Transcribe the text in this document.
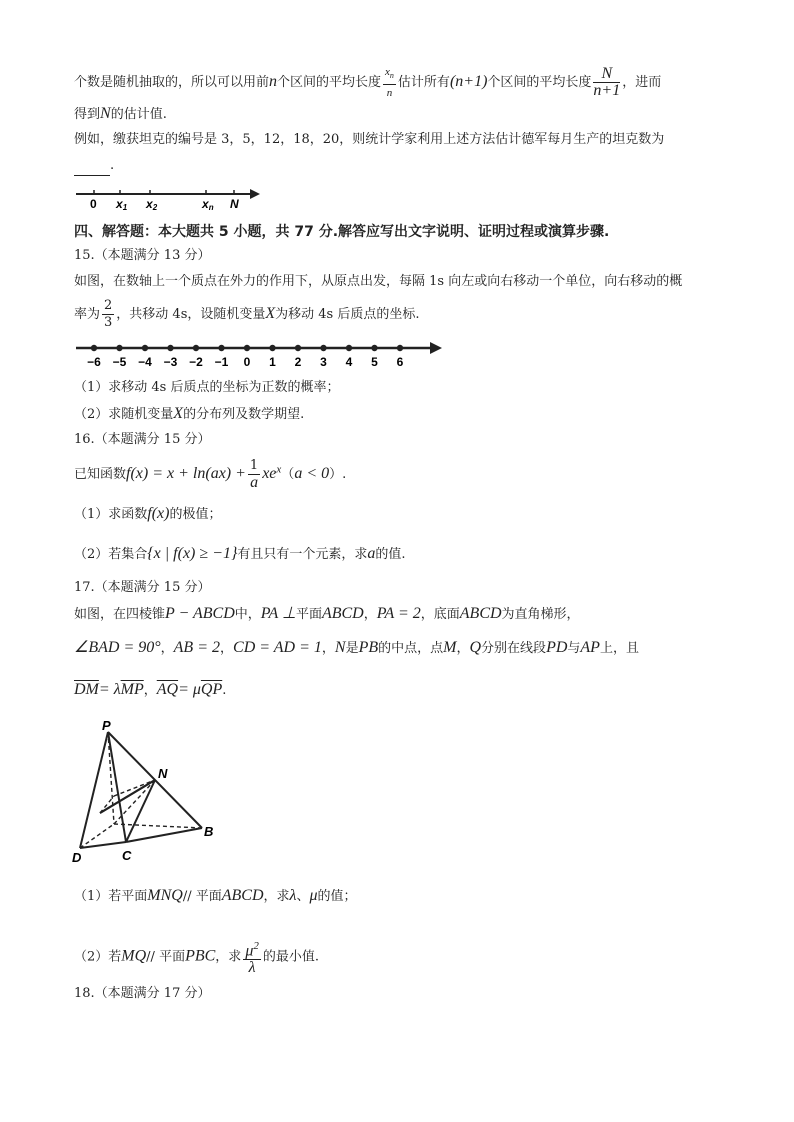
个数是随机抽取的，所以可以用前n个区间的平均长度 $\frac{x_n}{n}$ 估计所有(n+1)个区间的平均长度 $\frac{N}{n+1}$ ，进而
得到N的估计值.
例如，缴获坦克的编号是 3，5，12，18，20，则统计学家利用上述方法估计德军每月生产的坦克数为
.
0 x1 x2	xn N
四、解答题：本大题共 5 小题，共 77 分.解答应写出文字说明、证明过程或演算步骤.
15.（本题满分 13 分）
如图，在数轴上一个质点在外力的作用下，从原点出发，每隔 1s 向左或向右移动一个单位，向右移动的概
率为 $\frac{2}{3}$ ，共移动 4s，设随机变量X为移动 4s 后质点的坐标.
−6 −5 −4 −3 −2 −1 0 1 2 3 4 5 6
（1）求移动 4s 后质点的坐标为正数的概率；
（2）求随机变量X的分布列及数学期望.
16.（本题满分 15 分）
已知函数$f(x) = x + \ln(ax) + \frac{1}{a} xe^x(a < 0)$.
（1）求函数f(x)的极值；
（2）若集合{x | f(x) ≥ −1}有且只有一个元素，求a的值.
17.（本题满分 15 分）
如图，在四棱锥P − ABCD中，PA ⊥平面ABCD，PA = 2，底面ABCD为直角梯形，
∠BAD = 90°，AB = 2，CD = AD = 1，N是PB的中点，点M，Q分别在线段PD与AP上，且
$\overline{DM}= \lambda\overline{MP}$，$\overline{AQ}= \mu\overline{QP}$.
P
N
B
D	C
（1）若平面MNQ// 平面ABCD，求λ、μ的值；
（2）若MQ// 平面PBC，求 $\frac{\mu^2}{\lambda}$ 的最小值.
18.（本题满分 17 分）
